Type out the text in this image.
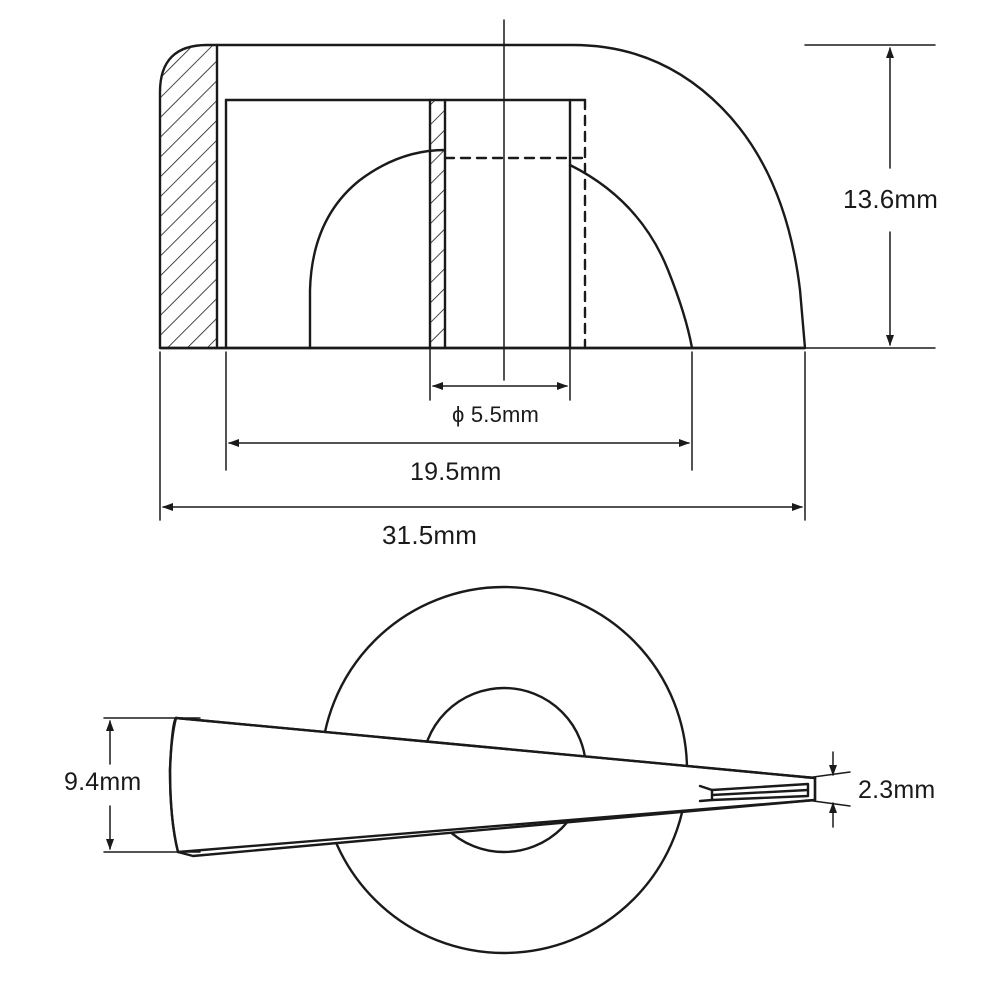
13.6mm
ϕ 5.5mm
19.5mm
31.5mm
9.4mm	2.3mm
